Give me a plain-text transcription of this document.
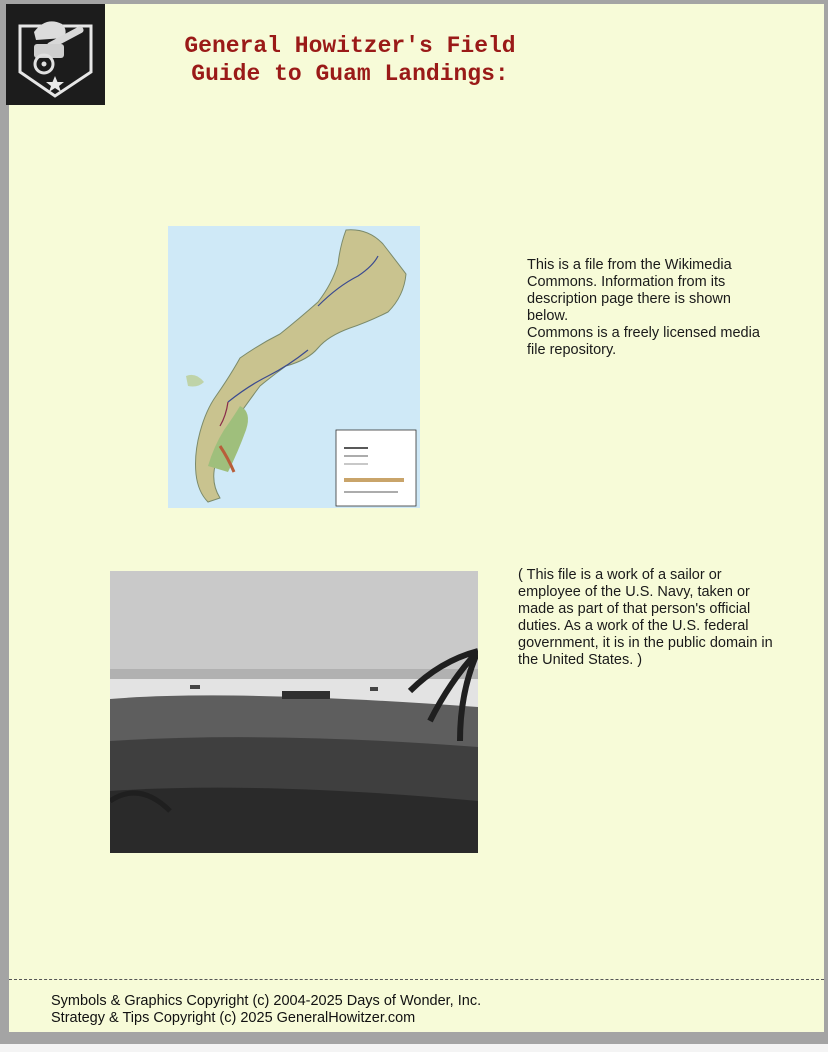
General Howitzer's Field
Guide to Guam Landings:
This is a file from the Wikimedia Commons. Information from its description page there is shown below.
Commons is a freely licensed media file repository.
( This file is a work of a sailor or employee of the U.S. Navy, taken or made as part of that person's official duties. As a work of the U.S. federal government, it is in the public domain in the United States. )
Symbols & Graphics Copyright (c) 2004-2025 Days of Wonder, Inc.
Strategy & Tips Copyright (c) 2025 GeneralHowitzer.com
